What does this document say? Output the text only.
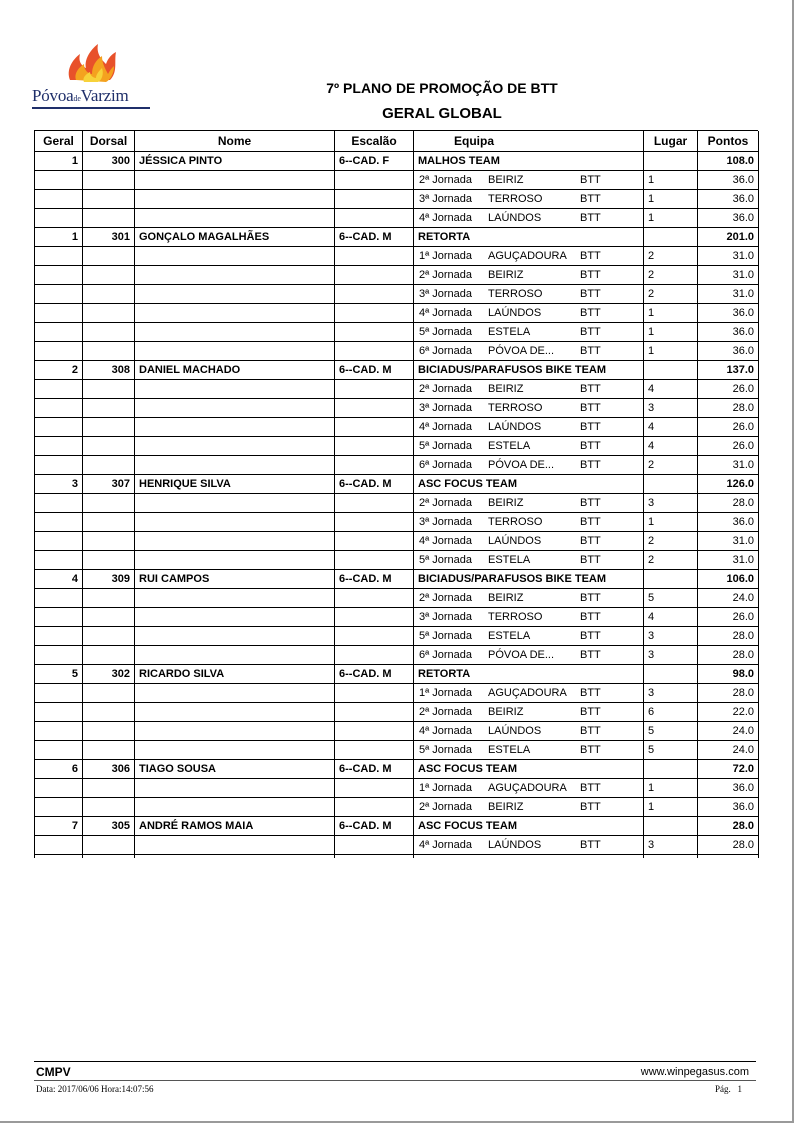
PóvoadeVarzim	7º PLANO DE PROMOÇÃO DE BTT
GERAL GLOBAL
Geral	Dorsal	Nome	Escalão	Equipa	Lugar	Pontos
1	300	JÉSSICA PINTO	6--CAD. F	MALHOS TEAM		108.0

				2ª Jornada BEIRIZ BTT	1	36.0

				3ª Jornada TERROSO BTT	1	36.0

				4ª Jornada LAÚNDOS BTT	1	36.0
1	301	GONÇALO MAGALHÃES	6--CAD. M	RETORTA		201.0

				1ª Jornada AGUÇADOURA BTT	2	31.0

				2ª Jornada BEIRIZ BTT	2	31.0

				3ª Jornada TERROSO BTT	2	31.0

				4ª Jornada LAÚNDOS BTT	1	36.0

				5ª Jornada ESTELA BTT	1	36.0

				6ª Jornada PÓVOA DE... BTT	1	36.0
2	308	DANIEL MACHADO	6--CAD. M	BICIADUS/PARAFUSOS BIKE TEAM		137.0

				2ª Jornada BEIRIZ BTT	4	26.0

				3ª Jornada TERROSO BTT	3	28.0

				4ª Jornada LAÚNDOS BTT	4	26.0

				5ª Jornada ESTELA BTT	4	26.0

				6ª Jornada PÓVOA DE... BTT	2	31.0
3	307	HENRIQUE SILVA	6--CAD. M	ASC FOCUS TEAM		126.0

				2ª Jornada BEIRIZ BTT	3	28.0

				3ª Jornada TERROSO BTT	1	36.0

				4ª Jornada LAÚNDOS BTT	2	31.0

				5ª Jornada ESTELA BTT	2	31.0
4	309	RUI CAMPOS	6--CAD. M	BICIADUS/PARAFUSOS BIKE TEAM		106.0

				2ª Jornada BEIRIZ BTT	5	24.0

				3ª Jornada TERROSO BTT	4	26.0

				5ª Jornada ESTELA BTT	3	28.0

				6ª Jornada PÓVOA DE... BTT	3	28.0
5	302	RICARDO SILVA	6--CAD. M	RETORTA		98.0

				1ª Jornada AGUÇADOURA BTT	3	28.0

				2ª Jornada BEIRIZ BTT	6	22.0

				4ª Jornada LAÚNDOS BTT	5	24.0

				5ª Jornada ESTELA BTT	5	24.0
6	306	TIAGO SOUSA	6--CAD. M	ASC FOCUS TEAM		72.0

				1ª Jornada AGUÇADOURA BTT	1	36.0

				2ª Jornada BEIRIZ BTT	1	36.0
7	305	ANDRÉ RAMOS MAIA	6--CAD. M	ASC FOCUS TEAM		28.0

				4ª Jornada LAÚNDOS BTT	3	28.0

CMPV	www.winpegasus.com
Data: 2017/06/06 Hora:14:07:56	Pág. 1
